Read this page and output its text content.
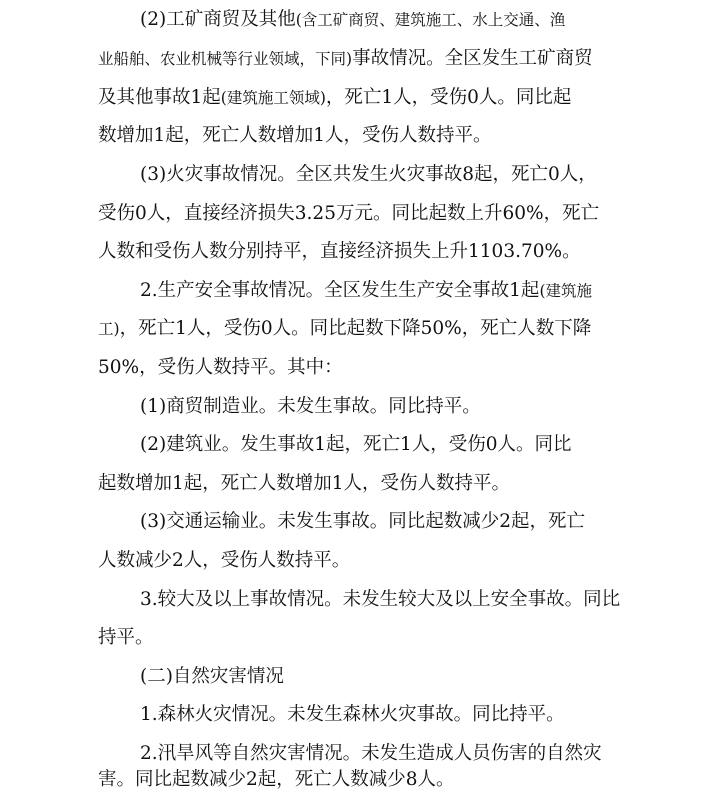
(2)工矿商贸及其他(含工矿商贸、建筑施工、水上交通、渔
业船舶、农业机械等行业领域，下同)事故情况。全区发生工矿商贸
及其他事故1起(建筑施工领域)，死亡1人，受伤0人。同比起
数增加1起，死亡人数增加1人，受伤人数持平。
(3)火灾事故情况。全区共发生火灾事故8起，死亡0人，
受伤0人，直接经济损失3.25万元。同比起数上升60%，死亡
人数和受伤人数分别持平，直接经济损失上升1103.70%。
2.生产安全事故情况。全区发生生产安全事故1起(建筑施
工)，死亡1人，受伤0人。同比起数下降50%，死亡人数下降
50%，受伤人数持平。其中：
(1)商贸制造业。未发生事故。同比持平。
(2)建筑业。发生事故1起，死亡1人，受伤0人。同比
起数增加1起，死亡人数增加1人，受伤人数持平。
(3)交通运输业。未发生事故。同比起数减少2起，死亡
人数减少2人，受伤人数持平。
3.较大及以上事故情况。未发生较大及以上安全事故。同比
持平。
(二)自然灾害情况
1.森林火灾情况。未发生森林火灾事故。同比持平。
2.汛旱风等自然灾害情况。未发生造成人员伤害的自然灾
害。同比起数减少2起，死亡人数减少8人。
